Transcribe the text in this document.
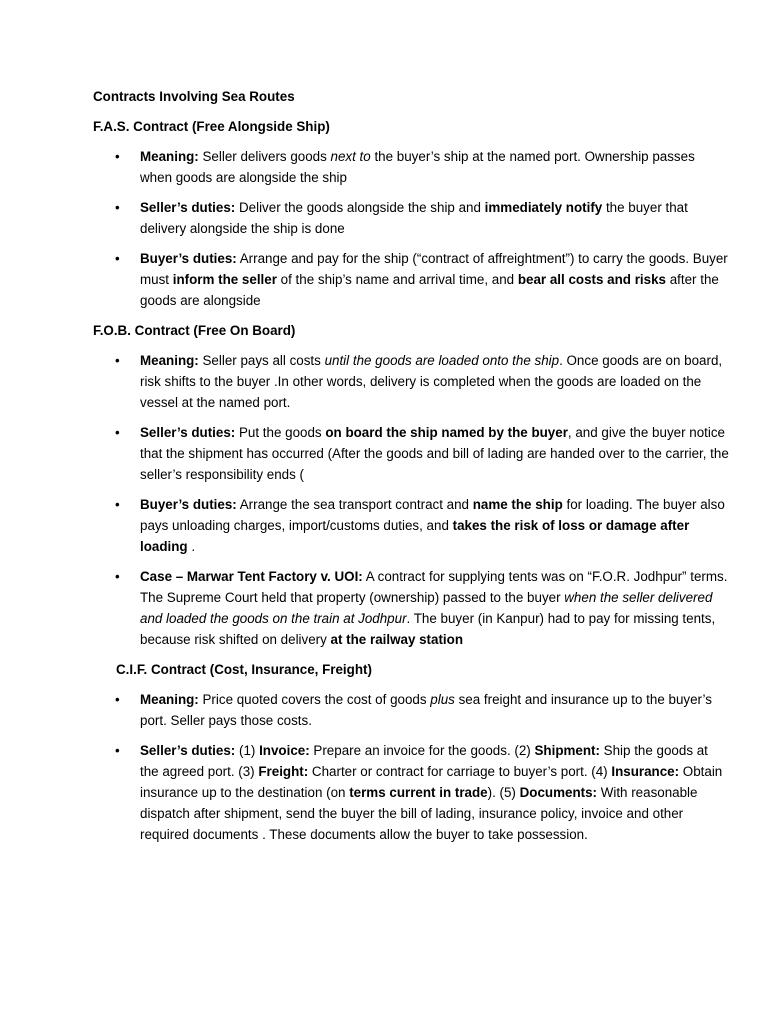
Contracts Involving Sea Routes

F.A.S. Contract (Free Alongside Ship)

• Meaning: Seller delivers goods next to the buyer’s ship at the named port. Ownership passes when goods are alongside the ship
• Seller’s duties: Deliver the goods alongside the ship and immediately notify the buyer that delivery alongside the ship is done
• Buyer’s duties: Arrange and pay for the ship (“contract of affreightment”) to carry the goods. Buyer must inform the seller of the ship’s name and arrival time, and bear all costs and risks after the goods are alongside

F.O.B. Contract (Free On Board)

• Meaning: Seller pays all costs until the goods are loaded onto the ship. Once goods are on board, risk shifts to the buyer .In other words, delivery is completed when the goods are loaded on the vessel at the named port.
• Seller’s duties: Put the goods on board the ship named by the buyer, and give the buyer notice that the shipment has occurred (After the goods and bill of lading are handed over to the carrier, the seller’s responsibility ends (
• Buyer’s duties: Arrange the sea transport contract and name the ship for loading. The buyer also pays unloading charges, import/customs duties, and takes the risk of loss or damage after loading .
• Case – Marwar Tent Factory v. UOI: A contract for supplying tents was on “F.O.R. Jodhpur” terms. The Supreme Court held that property (ownership) passed to the buyer when the seller delivered and loaded the goods on the train at Jodhpur. The buyer (in Kanpur) had to pay for missing tents, because risk shifted on delivery at the railway station

C.I.F. Contract (Cost, Insurance, Freight)

• Meaning: Price quoted covers the cost of goods plus sea freight and insurance up to the buyer’s port. Seller pays those costs.
• Seller’s duties: (1) Invoice: Prepare an invoice for the goods. (2) Shipment: Ship the goods at the agreed port. (3) Freight: Charter or contract for carriage to buyer’s port. (4) Insurance: Obtain insurance up to the destination (on terms current in trade). (5) Documents: With reasonable dispatch after shipment, send the buyer the bill of lading, insurance policy, invoice and other required documents . These documents allow the buyer to take possession.
